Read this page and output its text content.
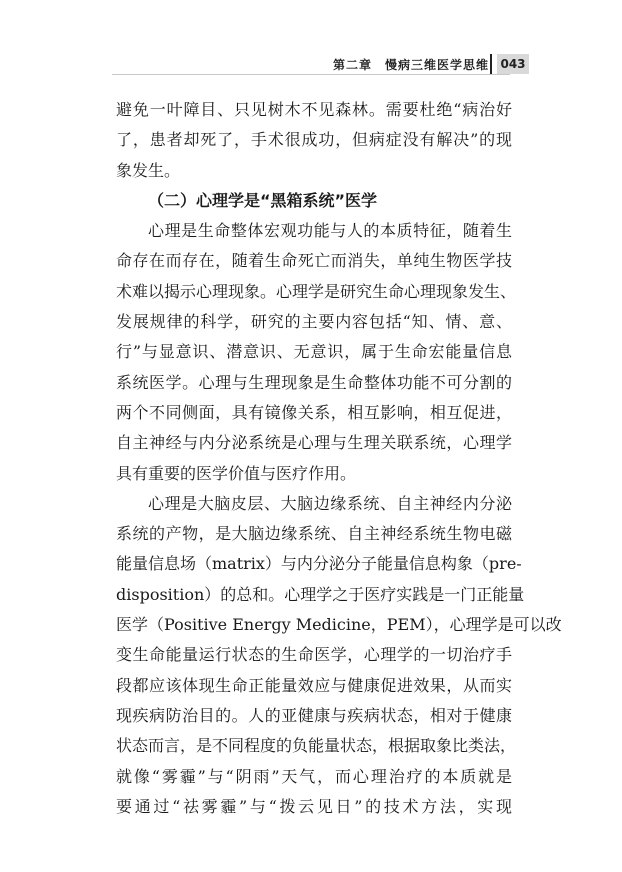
第二章　慢病三维医学思维 043
避免一叶障目、只见树木不见森林。需要杜绝“病治好
了，患者却死了，手术很成功，但病症没有解决”的现
象发生。
（二）心理学是“黑箱系统”医学
心理是生命整体宏观功能与人的本质特征，随着生
命存在而存在，随着生命死亡而消失，单纯生物医学技
术难以揭示心理现象。心理学是研究生命心理现象发生、
发展规律的科学，研究的主要内容包括“知、情、意、
行”与显意识、潜意识、无意识，属于生命宏能量信息
系统医学。心理与生理现象是生命整体功能不可分割的
两个不同侧面，具有镜像关系，相互影响，相互促进，
自主神经与内分泌系统是心理与生理关联系统，心理学
具有重要的医学价值与医疗作用。
心理是大脑皮层、大脑边缘系统、自主神经内分泌
系统的产物，是大脑边缘系统、自主神经系统生物电磁
能量信息场（matrix）与内分泌分子能量信息构象（pre-
disposition）的总和。心理学之于医疗实践是一门正能量
医学（Positive Energy Medicine，PEM），心理学是可以改
变生命能量运行状态的生命医学，心理学的一切治疗手
段都应该体现生命正能量效应与健康促进效果，从而实
现疾病防治目的。人的亚健康与疾病状态，相对于健康
状态而言，是不同程度的负能量状态，根据取象比类法，
就像“雾霾”与“阴雨”天气，而心理治疗的本质就是
要通过“祛雾霾”与“拨云见日”的技术方法，实现
